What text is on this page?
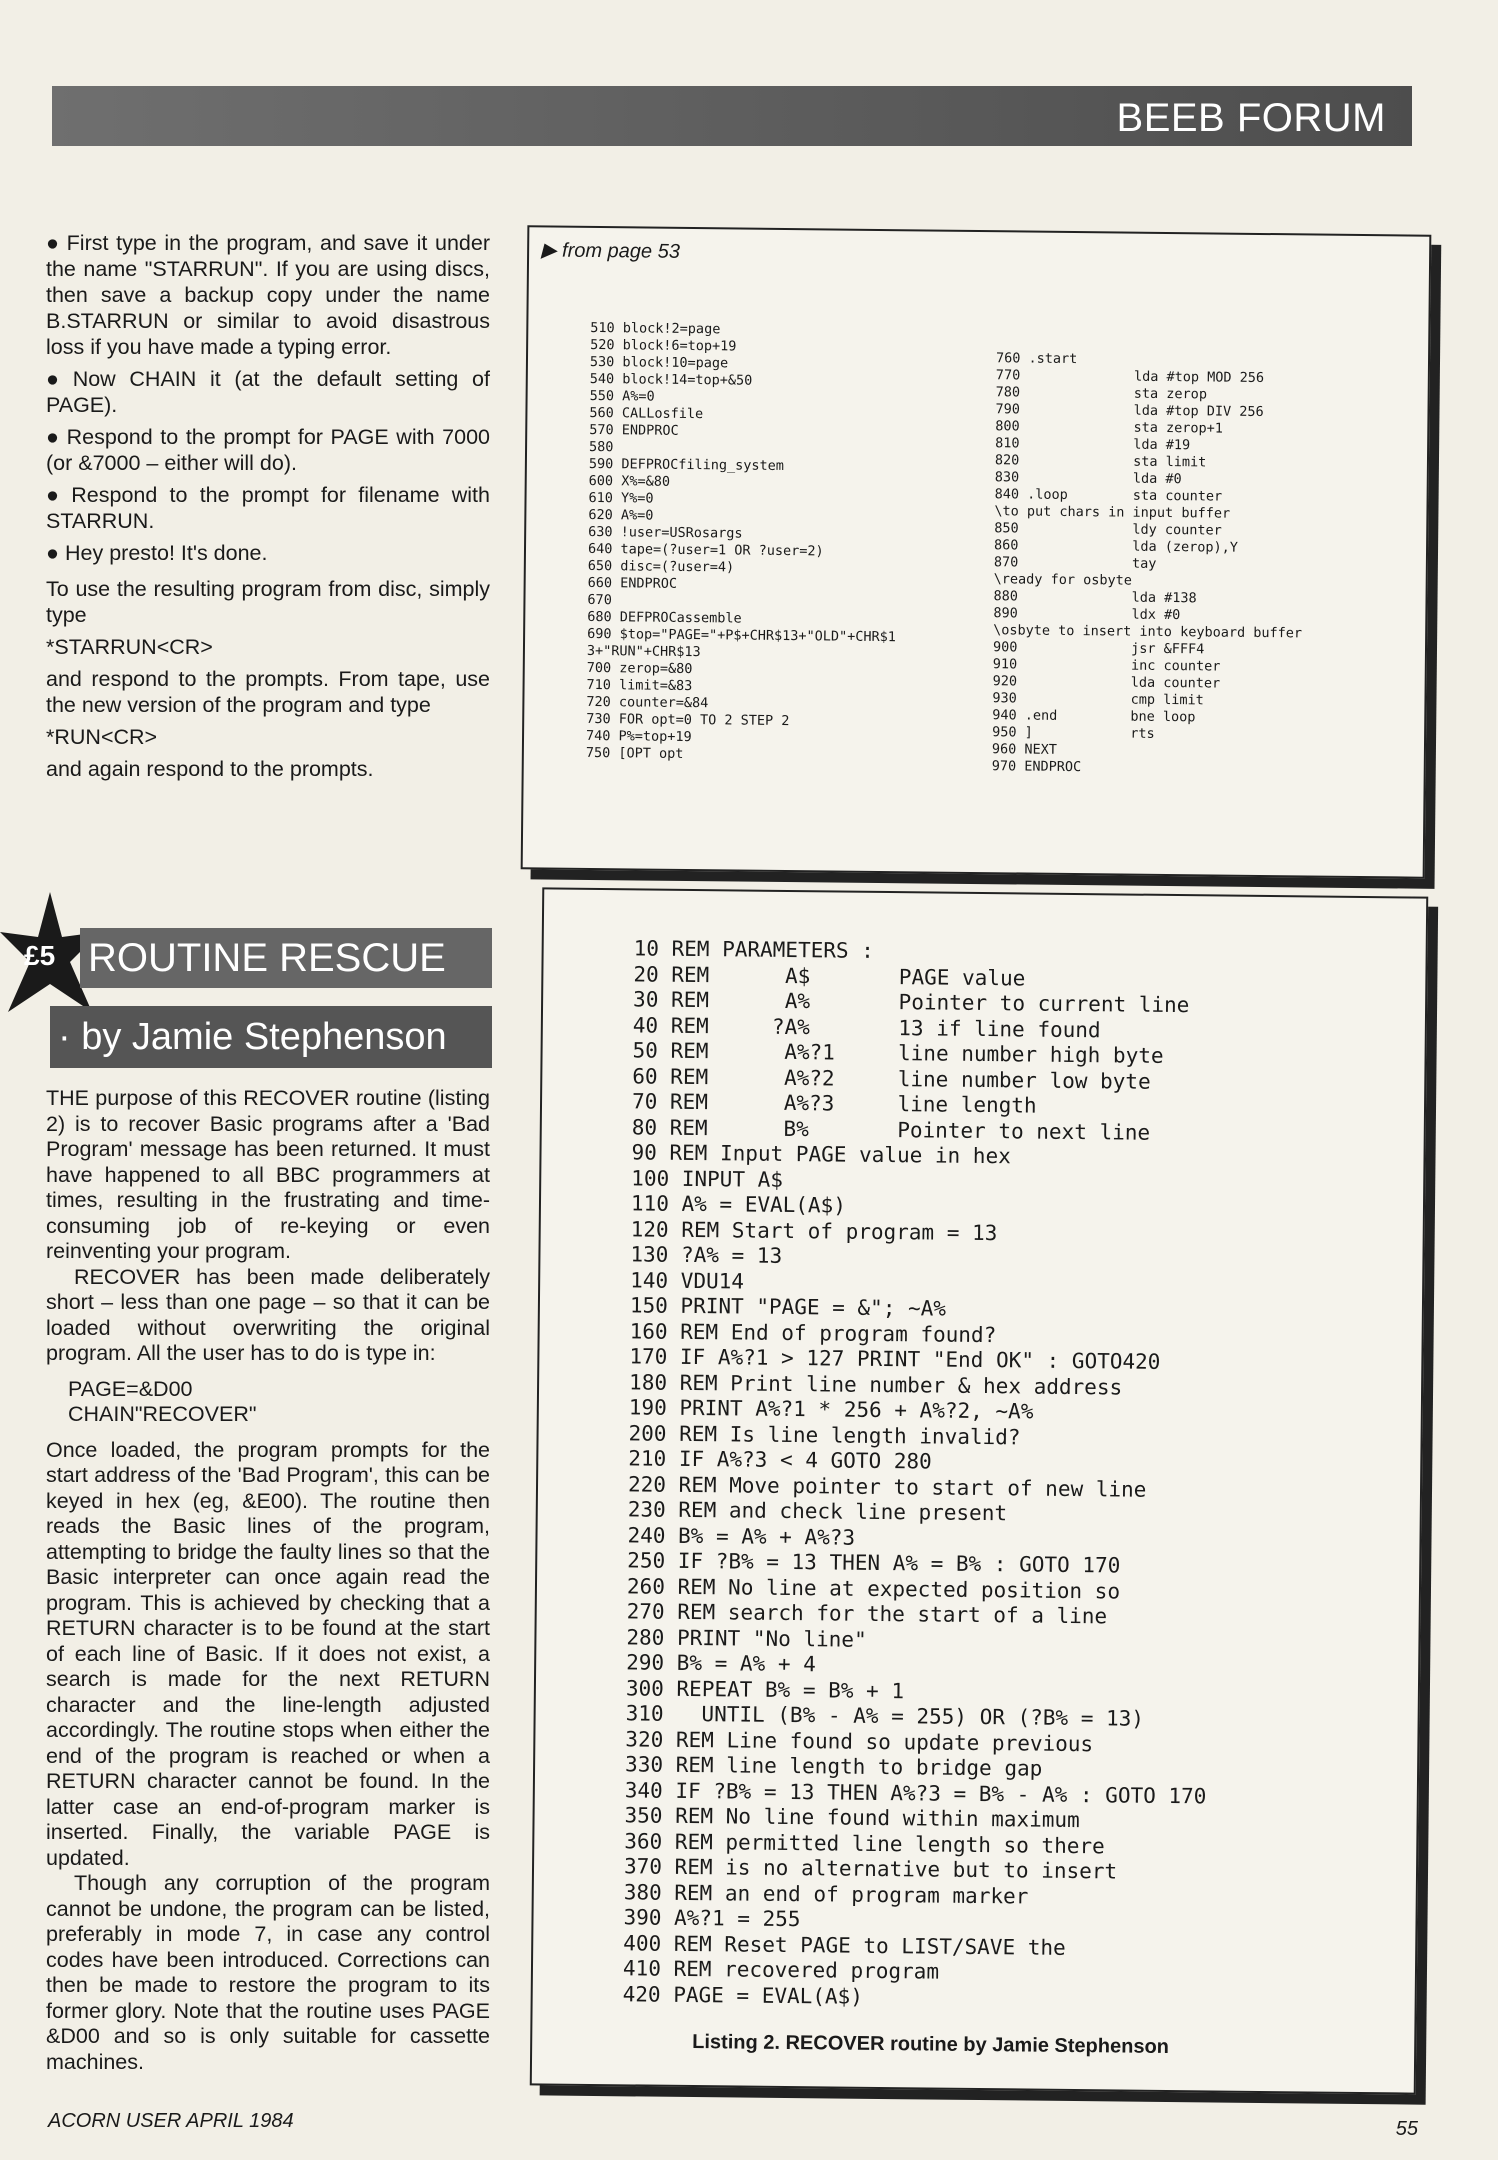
BEEB FORUM

● First type in the program, and save it under the name "STARRUN". If you are using discs, then save a backup copy under the name B.STARRUN or similar to avoid disastrous loss if you have made a typing error.

● Now CHAIN it (at the default setting of PAGE).

● Respond to the prompt for PAGE with 7000 (or &7000 – either will do).

● Respond to the prompt for filename with STARRUN.

● Hey presto! It's done.

To use the resulting program from disc, simply type

*STARRUN<CR>

and respond to the prompts. From tape, use the new version of the program and type

*RUN<CR>

and again respond to the prompts.

▶ from page 53
510 block!2=page
520 block!6=top+19
530 block!10=page
540 block!14=top+&50
550 A%=0
560 CALLosfile
570 ENDPROC
580
590 DEFPROCfiling_system
600 X%=&80
610 Y%=0
620 A%=0
630 !user=USRosargs
640 tape=(?user=1 OR ?user=2)
650 disc=(?user=4)
660 ENDPROC
670
680 DEFPROCassemble
690 $top="PAGE="+P$+CHR$13+"OLD"+CHR$1
3+"RUN"+CHR$13
700 zerop=&80
710 limit=&83
720 counter=&84
730 FOR opt=0 TO 2 STEP 2
740 P%=top+19
750 [OPT opt
760 .start
770              lda #top MOD 256
780              sta zerop
790              lda #top DIV 256
800              sta zerop+1
810              lda #19
820              sta limit
830              lda #0
840 .loop        sta counter
\to put chars in input buffer
850              ldy counter
860              lda (zerop),Y
870              tay
\ready for osbyte
880              lda #138
890              ldx #0
\osbyte to insert into keyboard buffer
900              jsr &FFF4
910              inc counter
920              lda counter
930              cmp limit
940 .end         bne loop
950 ]            rts
960 NEXT
970 ENDPROC
£5 ROUTINE RESCUE
· by Jamie Stephenson

THE purpose of this RECOVER routine (listing 2) is to recover Basic programs after a 'Bad Program' message has been returned. It must have happened to all BBC programmers at times, resulting in the frustrating and time-consuming job of re-keying or even reinventing your program.

RECOVER has been made deliberately short – less than one page – so that it can be loaded without overwriting the original program. All the user has to do is type in:

PAGE=&D00

CHAIN"RECOVER"

Once loaded, the program prompts for the start address of the 'Bad Program', this can be keyed in hex (eg, &E00). The routine then reads the Basic lines of the program, attempting to bridge the faulty lines so that the Basic interpreter can once again read the program. This is achieved by checking that a RETURN character is to be found at the start of each line of Basic. If it does not exist, a search is made for the next RETURN character and the line-length adjusted accordingly. The routine stops when either the end of the program is reached or when a RETURN character cannot be found. In the latter case an end-of-program marker is inserted. Finally, the variable PAGE is updated.

Though any corruption of the program cannot be undone, the program can be listed, preferably in mode 7, in case any control codes have been introduced. Corrections can then be made to restore the program to its former glory. Note that the routine uses PAGE &D00 and so is only suitable for cassette machines.

10 REM PARAMETERS :
20 REM      A$       PAGE value
30 REM      A%       Pointer to current line
40 REM     ?A%       13 if line found
50 REM      A%?1     line number high byte
60 REM      A%?2     line number low byte
70 REM      A%?3     line length
80 REM      B%       Pointer to next line
90 REM Input PAGE value in hex
100 INPUT A$
110 A% = EVAL(A$)
120 REM Start of program = 13
130 ?A% = 13
140 VDU14
150 PRINT "PAGE = &"; ~A%
160 REM End of program found?
170 IF A%?1 > 127 PRINT "End OK" : GOTO420
180 REM Print line number & hex address
190 PRINT A%?1 * 256 + A%?2, ~A%
200 REM Is line length invalid?
210 IF A%?3 < 4 GOTO 280
220 REM Move pointer to start of new line
230 REM and check line present
240 B% = A% + A%?3
250 IF ?B% = 13 THEN A% = B% : GOTO 170
260 REM No line at expected position so
270 REM search for the start of a line
280 PRINT "No line"
290 B% = A% + 4
300 REPEAT B% = B% + 1
310   UNTIL (B% - A% = 255) OR (?B% = 13)
320 REM Line found so update previous
330 REM line length to bridge gap
340 IF ?B% = 13 THEN A%?3 = B% - A% : GOTO 170
350 REM No line found within maximum
360 REM permitted line length so there
370 REM is no alternative but to insert
380 REM an end of program marker
390 A%?1 = 255
400 REM Reset PAGE to LIST/SAVE the
410 REM recovered program
420 PAGE = EVAL(A$)
Listing 2. RECOVER routine by Jamie Stephenson
ACORN USER APRIL 1984	55
